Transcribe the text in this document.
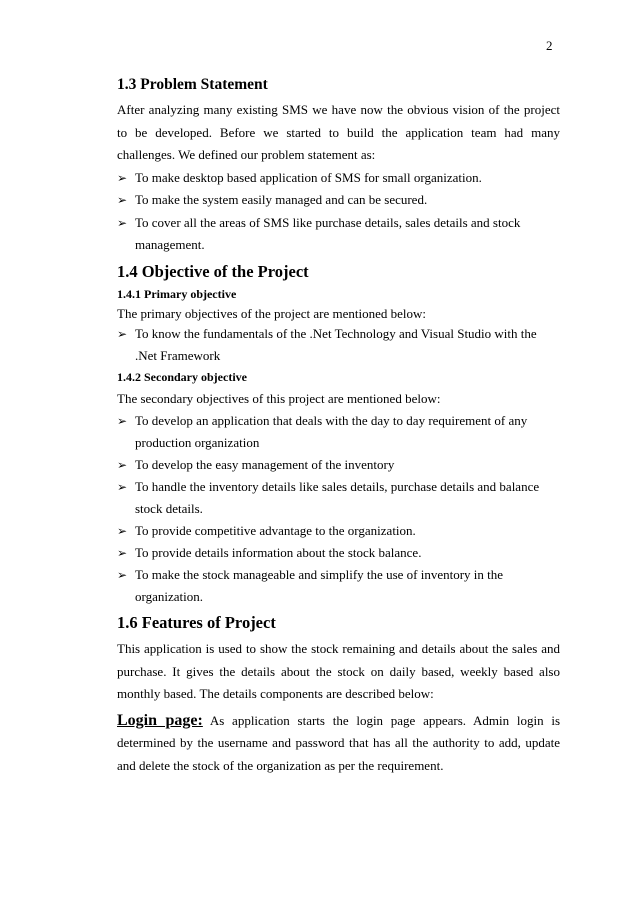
2
1.3 Problem Statement

After analyzing many existing SMS we have now the obvious vision of the project to be developed. Before we started to build the application team had many challenges. We defined our problem statement as:

➢ To make desktop based application of SMS for small organization.
➢ To make the system easily managed and can be secured.
➢ To cover all the areas of SMS like purchase details, sales details and stock management.
1.4 Objective of the Project
1.4.1 Primary objective

The primary objectives of the project are mentioned below:

➢ To know the fundamentals of the .Net Technology and Visual Studio with the .Net Framework
1.4.2 Secondary objective

The secondary objectives of this project are mentioned below:

➢ To develop an application that deals with the day to day requirement of any production organization
➢ To develop the easy management of the inventory
➢ To handle the inventory details like sales details, purchase details and balance stock details.
➢ To provide competitive advantage to the organization.
➢ To provide details information about the stock balance.
➢ To make the stock manageable and simplify the use of inventory in the organization.
1.6 Features of Project

This application is used to show the stock remaining and details about the sales and purchase. It gives the details about the stock on daily based, weekly based also monthly based. The details components are described below:

Login page: As application starts the login page appears. Admin login is determined by the username and password that has all the authority to add, update and delete the stock of the organization as per the requirement.
